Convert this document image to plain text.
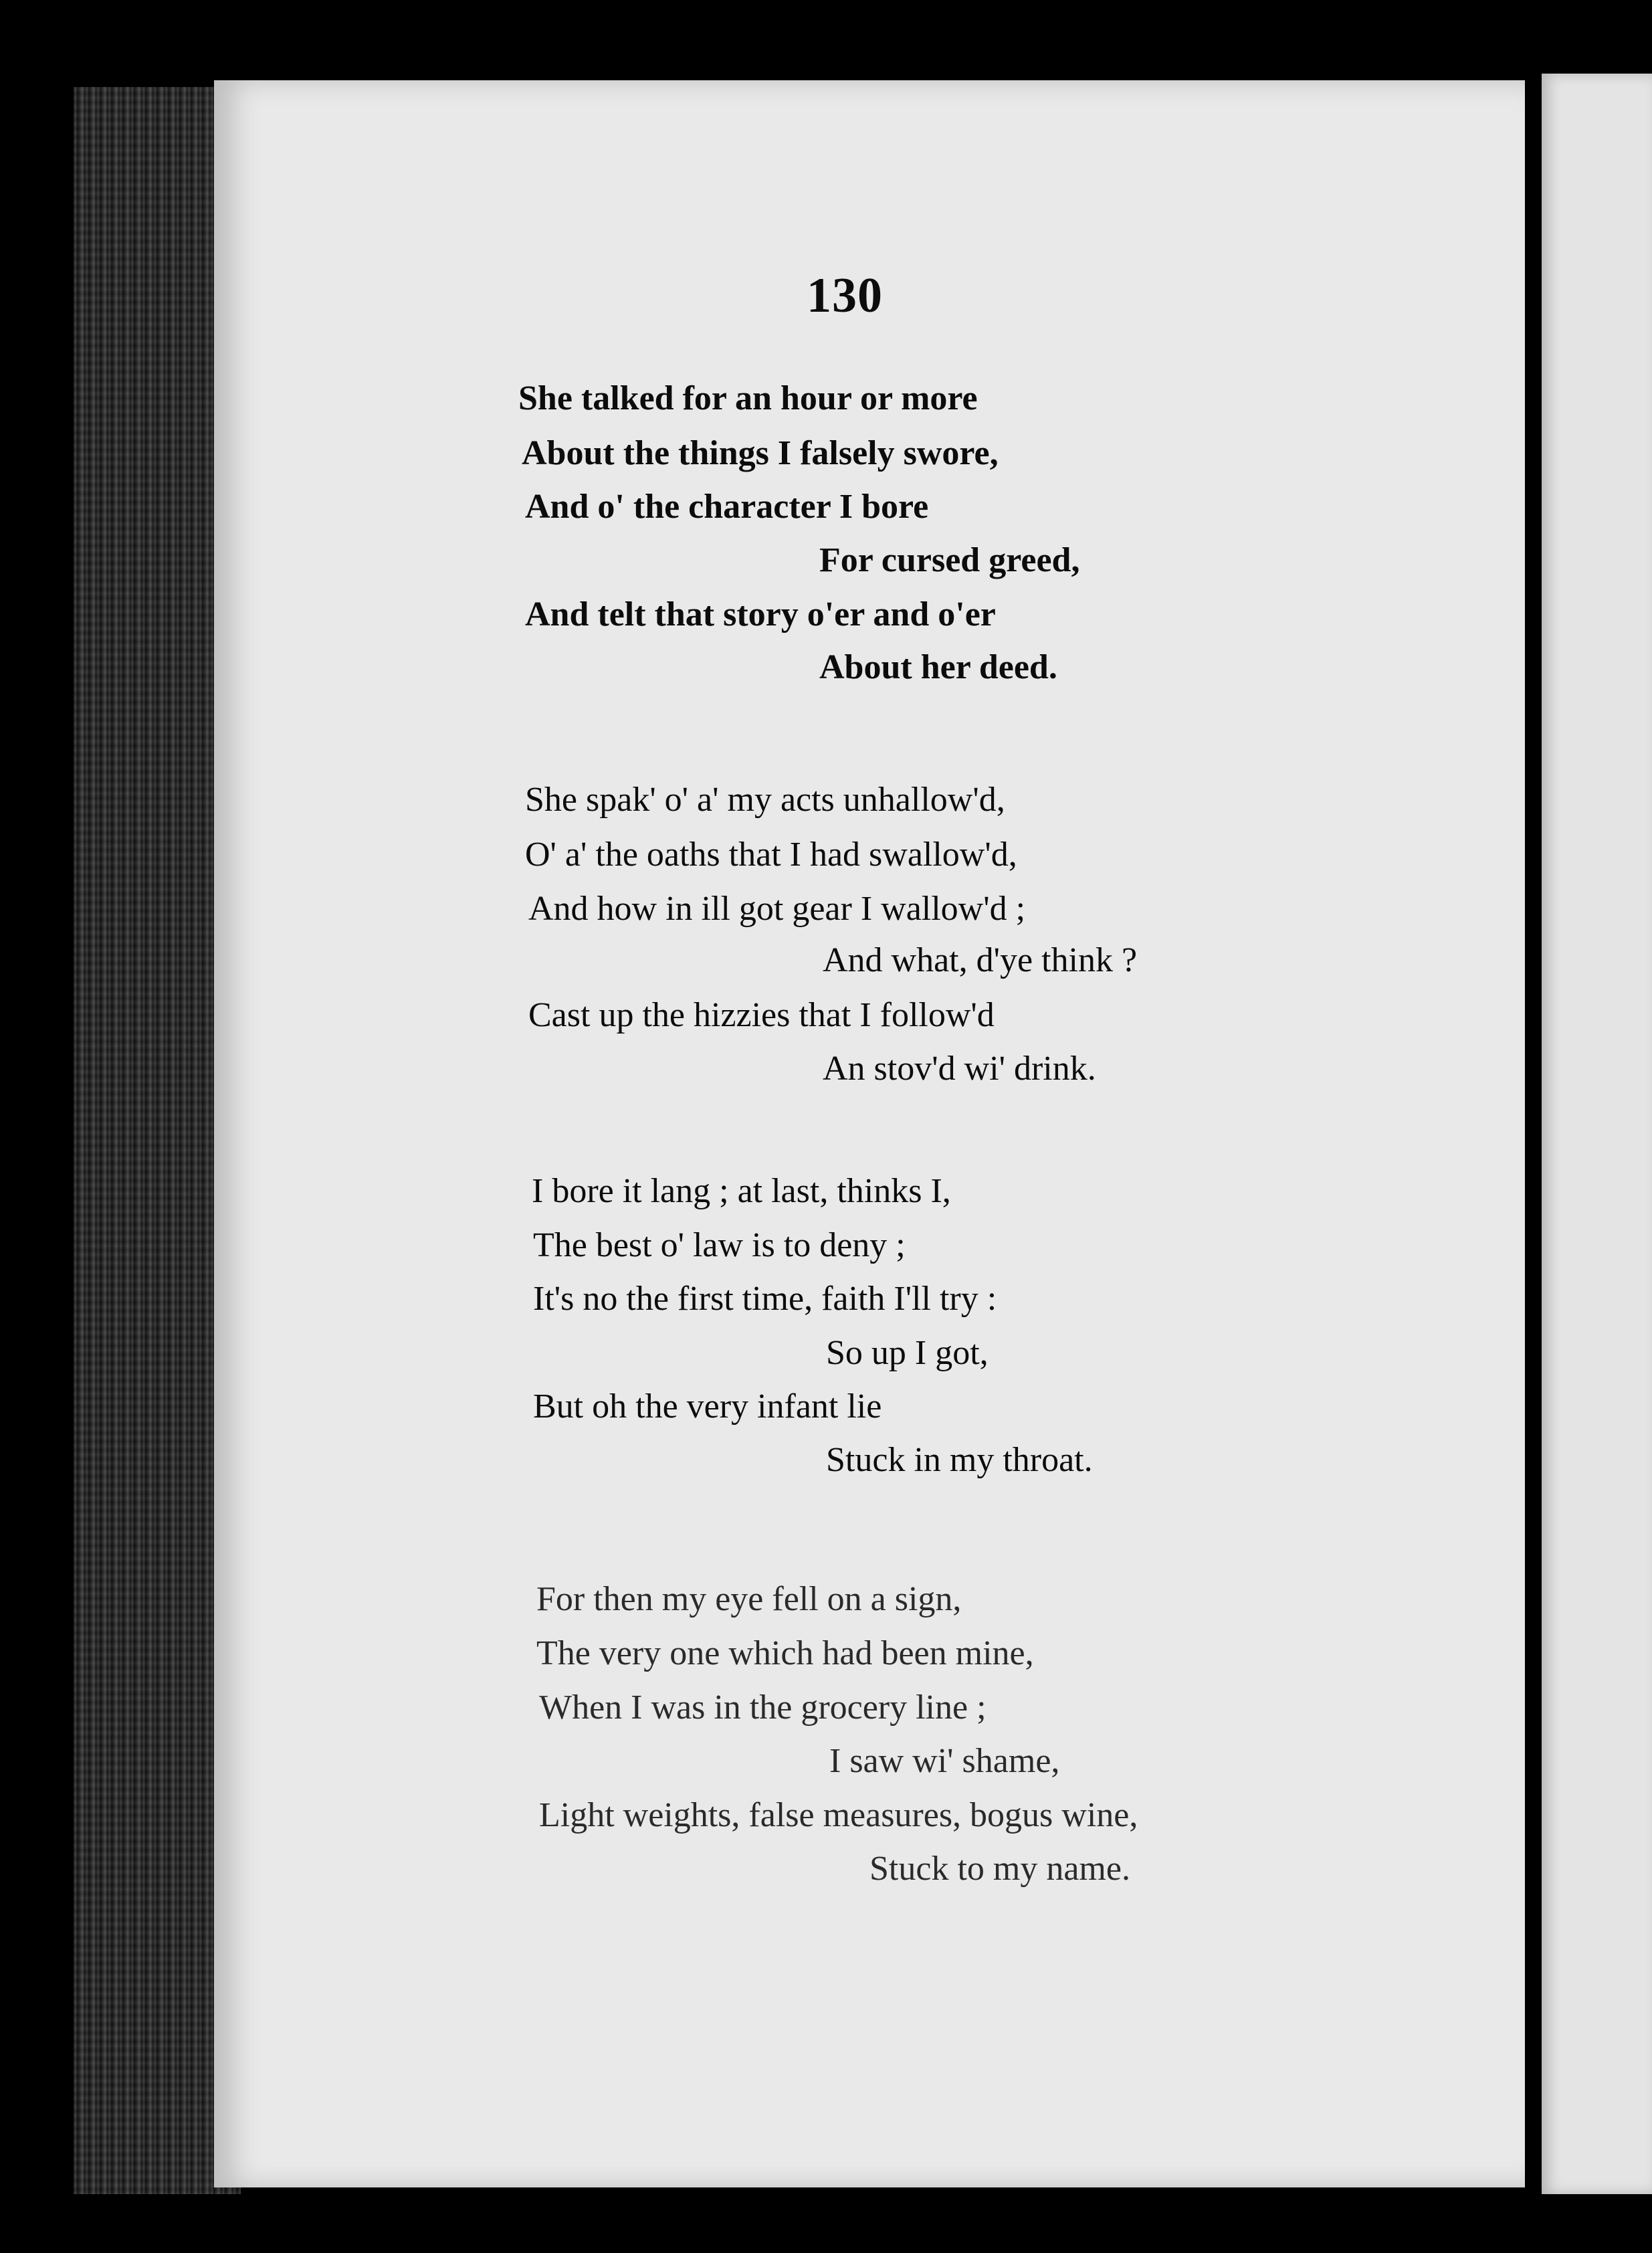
130
She talked for an hour or more
About the things I falsely swore,
And o' the character I bore
For cursed greed,
And telt that story o'er and o'er
About her deed.
She spak' o' a' my acts unhallow'd,
O' a' the oaths that I had swallow'd,
And how in ill got gear I wallow'd ;
And what, d'ye think ?
Cast up the hizzies that I follow'd
An stov'd wi' drink.
I bore it lang ; at last, thinks I,
The best o' law is to deny ;
It's no the first time, faith I'll try :
So up I got,
But oh the very infant lie
Stuck in my throat.
For then my eye fell on a sign,
The very one which had been mine,
When I was in the grocery line ;
I saw wi' shame,
Light weights, false measures, bogus wine,
Stuck to my name.
